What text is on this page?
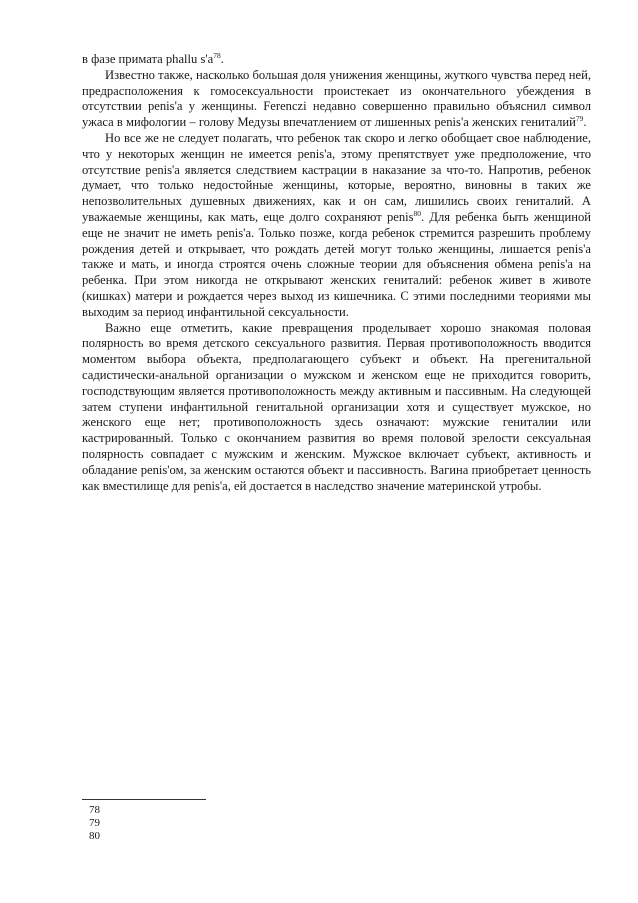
в фазе примата phallu $s'a^{78}$.

Известно также, насколько большая доля унижения женщины, жуткого чувства перед ней, предрасположения к гомосексуальности проистекает из окончательного убеждения в отсутствии penis'a у женщины. Ferenczi недавно совершенно правильно объяснил символ ужаса в мифологии – голову Медузы впечатлением от лишенных penis'a женских гениталий$^{79}$.

Но все же не следует полагать, что ребенок так скоро и легко обобщает свое наблюдение, что у некоторых женщин не имеется penis'a, этому препятствует уже предположение, что отсутствие penis'a является следствием кастрации в наказание за что-то. Напротив, ребенок думает, что только недостойные женщины, которые, вероятно, виновны в таких же непозволительных душевных движениях, как и он сам, лишились своих гениталий. А уважаемые женщины, как мать, еще долго сохраняют penis$^{80}$. Для ребенка быть женщиной еще не значит не иметь penis'a. Только позже, когда ребенок стремится разрешить проблему рождения детей и открывает, что рождать детей могут только женщины, лишается penis'a также и мать, и иногда строятся очень сложные теории для объяснения обмена penis'a на ребенка. При этом никогда не открывают женских гениталий: ребенок живет в животе (кишках) матери и рождается через выход из кишечника. С этими последними теориями мы выходим за период инфантильной сексуальности.

Важно еще отметить, какие превращения проделывает хорошо знакомая половая полярность во время детского сексуального развития. Первая противоположность вводится моментом выбора объекта, предполагающего субъект и объект. На прегенитальной садистически-анальной организации о мужском и женском еще не приходится говорить, господствующим является противоположность между активным и пассивным. На следующей затем ступени инфантильной генитальной организации хотя и существует мужское, но женского еще нет; противоположность здесь означают: мужские гениталии или кастрированный. Только с окончанием развития во время половой зрелости сексуальная полярность совпадает с мужским и женским. Мужское включает субъект, активность и обладание penis'ом, за женским остаются объект и пассивность. Вагина приобретает ценность как вместилище для penis'a, ей достается в наследство значение материнской утробы.

78
79
80
